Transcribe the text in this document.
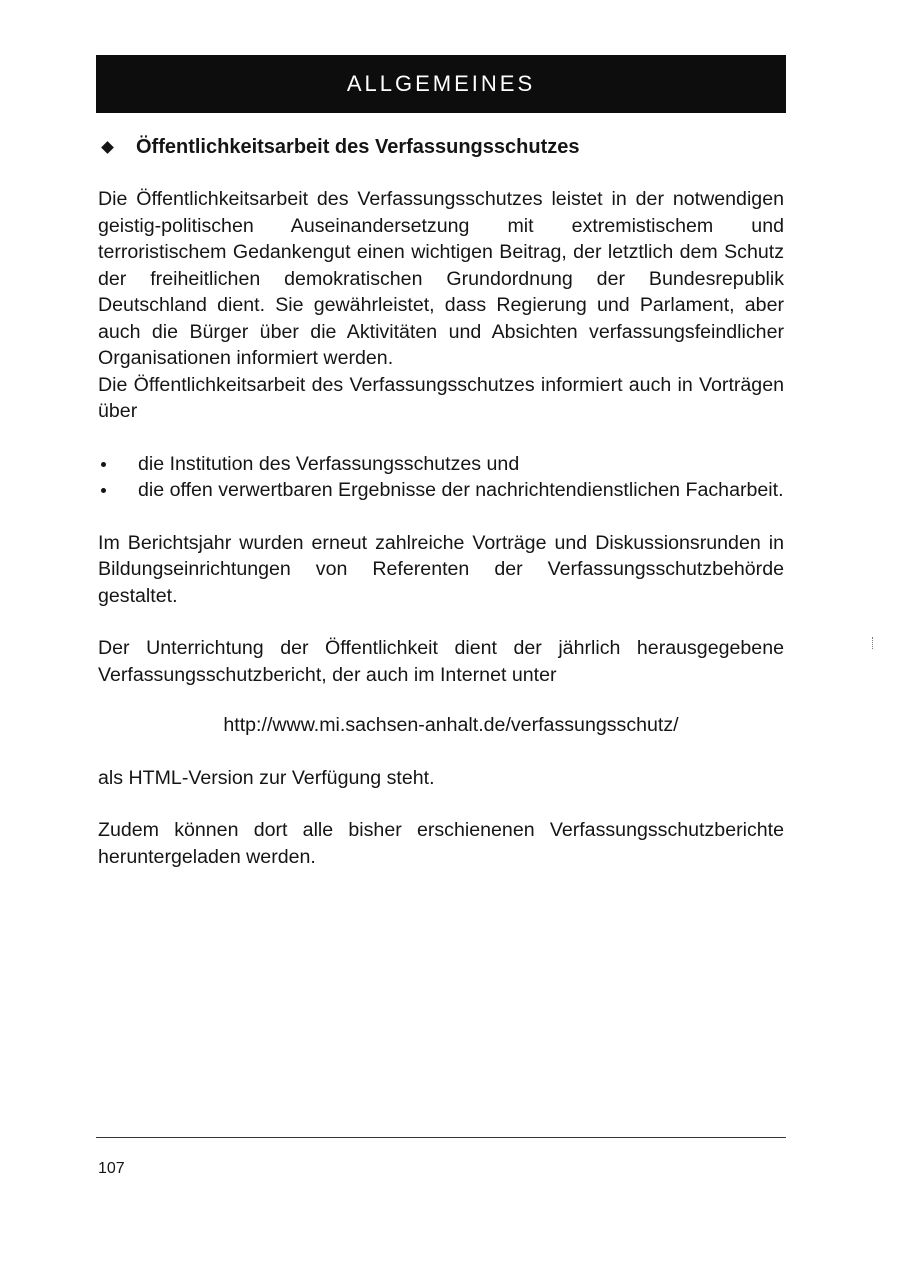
ALLGEMEINES
Öffentlichkeitsarbeit des Verfassungsschutzes

Die Öffentlichkeitsarbeit des Verfassungsschutzes leistet in der notwendigen geistig-politischen Auseinandersetzung mit extremistischem und terroristischem Gedankengut einen wichtigen Beitrag, der letztlich dem Schutz der freiheitlichen demokratischen Grundordnung der Bundesrepublik Deutschland dient. Sie gewährleistet, dass Regierung und Parlament, aber auch die Bürger über die Aktivitäten und Absichten verfassungsfeindlicher Organisationen informiert werden.

Die Öffentlichkeitsarbeit des Verfassungsschutzes informiert auch in Vorträgen über

die Institution des Verfassungsschutzes und
die offen verwertbaren Ergebnisse der nachrichtendienstlichen Facharbeit.

Im Berichtsjahr wurden erneut zahlreiche Vorträge und Diskussionsrunden in Bildungseinrichtungen von Referenten der Verfassungsschutzbehörde gestaltet.

Der Unterrichtung der Öffentlichkeit dient der jährlich herausgegebene Verfassungsschutzbericht, der auch im Internet unter

http://www.mi.sachsen-anhalt.de/verfassungsschutz/

als HTML-Version zur Verfügung steht.

Zudem können dort alle bisher erschienenen Verfassungsschutzberichte heruntergeladen werden.

107
